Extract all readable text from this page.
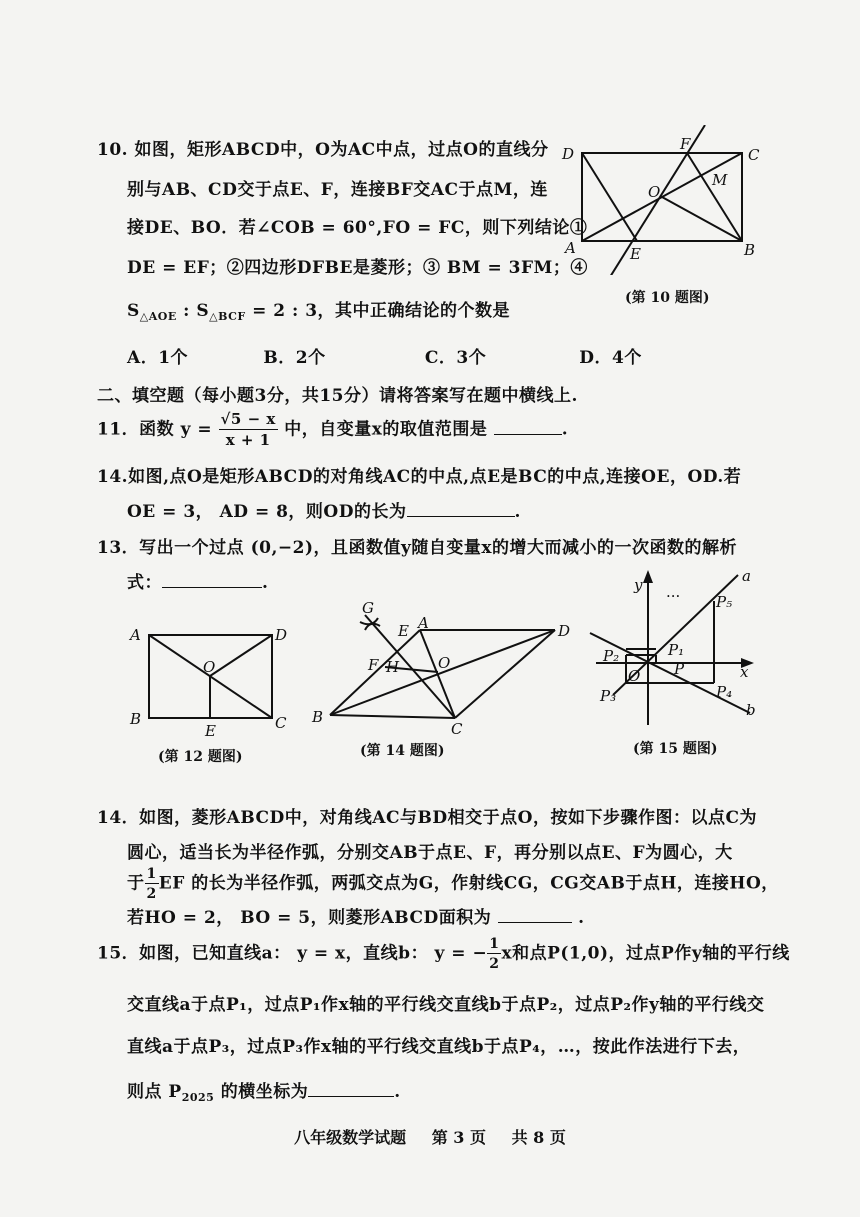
10. 如图，矩形ABCD中，O为AC中点，过点O的直线分
别与AB、CD交于点E、F，连接BF交AC于点M，连
接DE、BO．若∠COB = 60°,FO = FC，则下列结论①
DE = EF；②四边形DFBE是菱形；③ BM = 3FM；④
$S_{\triangle AOE}$ : $S_{\triangle BCF} = 2$ : 3，其中正确结论的个数是
D	C
A	B
F
E
O
M
(第 10 题图)
A．1个	B．2个	C．3个	D．4个
二、填空题（每小题3分，共15分）请将答案写在题中横线上.
11．函数 $y = \frac{√5 - x}{x + 1}$ 中，自变量x的取值范围是	.
14.如图,点O是矩形ABCD的对角线AC的中点,点E是BC的中点,连接OE，OD.若
OE = 3， AD = 8，则OD的长为	.
13．写出一个过点 (0,−2)，且函数值y随自变量x的增大而减小的一次函数的解析
式：	.
A	D
B	C
O
E
(第 12 题图)
G
E A	D
F H	O
B
C
(第 14 题图)
y
x
a
b
··· P₅
P₁
P₂
O P
P₃	P₄
(第 15 题图)
14．如图，菱形ABCD中，对角线AC与BD相交于点O，按如下步骤作图：以点C为
圆心，适当长为半径作弧，分别交AB于点E、F，再分别以点E、F为圆心，大
于 $\frac{1}{2}$ EF 的长为半径作弧，两弧交点为G，作射线CG，CG交AB于点H，连接HO，
若HO = 2， BO = 5，则菱形ABCD面积为	.
15．如图，已知直线a： y = x，直线b： y = − $\frac{1}{2}$ x和点P(1,0)，过点P作y轴的平行线
交直线a于点P₁，过点P₁作x轴的平行线交直线b于点P₂，过点P₂作y轴的平行线交
直线a于点P₃，过点P₃作x轴的平行线交直线b于点P₄，…，按此作法进行下去，
则点 $P_{2025}$ 的横坐标为	.
八年级数学试题 第 3 页 共 8 页
